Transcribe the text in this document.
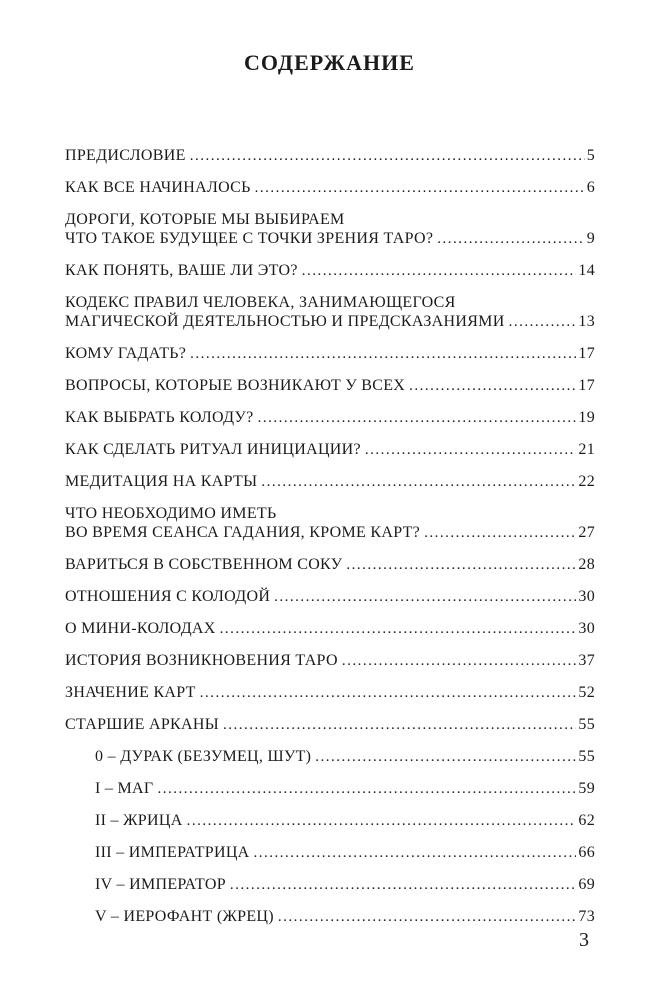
СОДЕРЖАНИЕ
ПРЕДИСЛОВИЕ .....	5
КАК ВСЕ НАЧИНАЛОСЬ .....	6
ДОРОГИ, КОТОРЫЕ МЫ ВЫБИРАЕМ
ЧТО ТАКОЕ БУДУЩЕЕ С ТОЧКИ ЗРЕНИЯ ТАРО? .....	9
КАК ПОНЯТЬ, ВАШЕ ЛИ ЭТО? .....	14
КОДЕКС ПРАВИЛ ЧЕЛОВЕКА, ЗАНИМАЮЩЕГОСЯ
МАГИЧЕСКОЙ ДЕЯТЕЛЬНОСТЬЮ И ПРЕДСКАЗАНИЯМИ .....	13
КОМУ ГАДАТЬ? .....	17
ВОПРОСЫ, КОТОРЫЕ ВОЗНИКАЮТ У ВСЕХ .....	17
КАК ВЫБРАТЬ КОЛОДУ? .....	19
КАК СДЕЛАТЬ РИТУАЛ ИНИЦИАЦИИ? .....	21
МЕДИТАЦИЯ НА КАРТЫ .....	22
ЧТО НЕОБХОДИМО ИМЕТЬ
ВО ВРЕМЯ СЕАНСА ГАДАНИЯ, КРОМЕ КАРТ? .....	27
ВАРИТЬСЯ В СОБСТВЕННОМ СОКУ .....	28
ОТНОШЕНИЯ С КОЛОДОЙ .....	30
О МИНИ-КОЛОДАХ .....	30
ИСТОРИЯ ВОЗНИКНОВЕНИЯ ТАРО .....	37
ЗНАЧЕНИЕ КАРТ .....	52
СТАРШИЕ АРКАНЫ .....	55
0 – ДУРАК (БЕЗУМЕЦ, ШУТ) .....	55
I – МАГ .....	59
II – ЖРИЦА .....	62
III – ИМПЕРАТРИЦА .....	66
IV – ИМПЕРАТОР .....	69
V – ИЕРОФАНТ (ЖРЕЦ) .....	73
3
